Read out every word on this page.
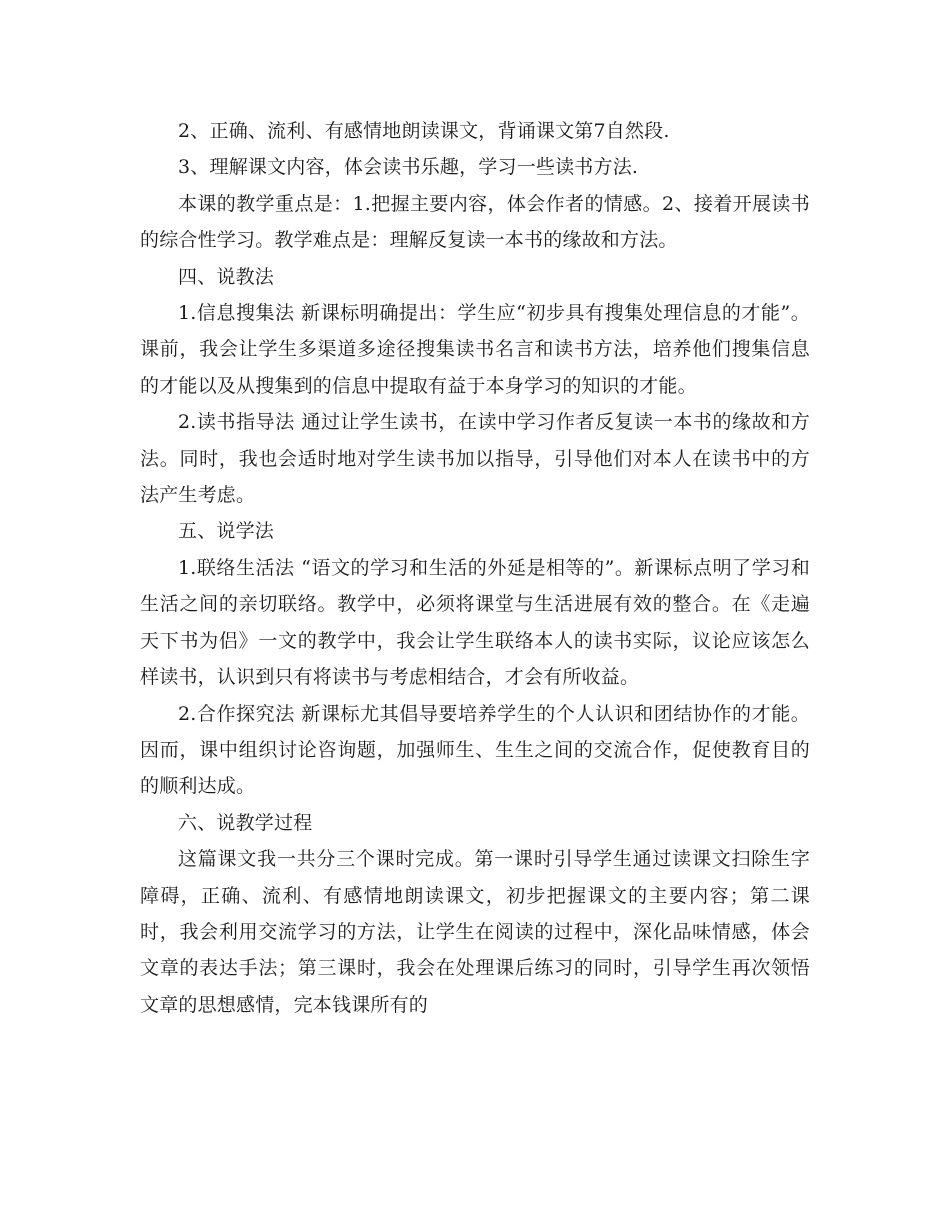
2、正确、流利、有感情地朗读课文，背诵课文第7自然段.

3、理解课文内容，体会读书乐趣，学习一些读书方法.

本课的教学重点是：1.把握主要内容，体会作者的情感。2、接着开展读书的综合性学习。教学难点是：理解反复读一本书的缘故和方法。

四、说教法

1.信息搜集法 新课标明确提出：学生应“初步具有搜集处理信息的才能”。课前，我会让学生多渠道多途径搜集读书名言和读书方法，培养他们搜集信息的才能以及从搜集到的信息中提取有益于本身学习的知识的才能。

2.读书指导法 通过让学生读书，在读中学习作者反复读一本书的缘故和方法。同时，我也会适时地对学生读书加以指导，引导他们对本人在读书中的方法产生考虑。

五、说学法

1.联络生活法 “语文的学习和生活的外延是相等的”。新课标点明了学习和生活之间的亲切联络。教学中，必须将课堂与生活进展有效的整合。在《走遍天下书为侣》一文的教学中，我会让学生联络本人的读书实际，议论应该怎么样读书，认识到只有将读书与考虑相结合，才会有所收益。

2.合作探究法 新课标尤其倡导要培养学生的个人认识和团结协作的才能。因而，课中组织讨论咨询题，加强师生、生生之间的交流合作，促使教育目的的顺利达成。

六、说教学过程

这篇课文我一共分三个课时完成。第一课时引导学生通过读课文扫除生字障碍，正确、流利、有感情地朗读课文，初步把握课文的主要内容；第二课时，我会利用交流学习的方法，让学生在阅读的过程中，深化品味情感，体会文章的表达手法；第三课时，我会在处理课后练习的同时，引导学生再次领悟文章的思想感情，完本钱课所有的
